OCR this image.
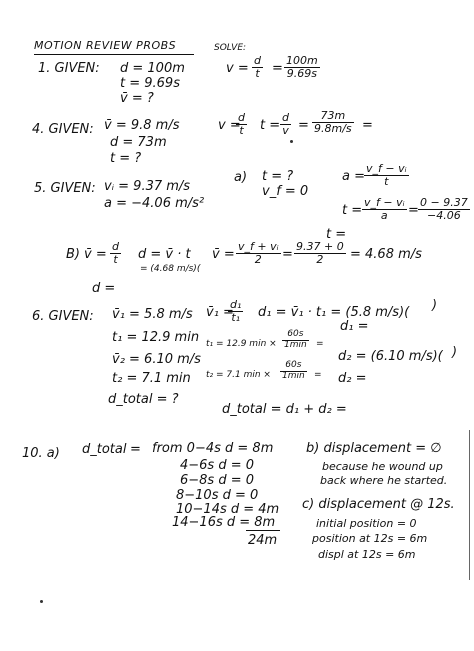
MOTION REVIEW PROBS	SOLVE:
1. GIVEN: d = 100m
t = 9.69s
v̄ = ?
$v = \frac{d}{t} = \frac{100m}{9.69s}$
4. GIVEN: v̄ = 9.8 m/s
d = 73m
t = ?
v =
$\frac{d}{t}$ $t = \frac{d}{v} = \frac{73m}{9.8m/s}$ =
5. GIVEN: vᵢ = 9.37 m/s
a = −4.06 m/s²
a) t = ?
v_f = 0
$a = \frac{\text{v\_f − vᵢ}}{t}$
$t = \frac{\text{v\_f − vᵢ}}{a} = \frac{0 - 9.37}{-4.06}$
t =
B) v̄ = $\frac{d}{t}$ d = v̄ · t
= (4.68 m/s)(
v̄ = $\frac{\text{v\_f + vᵢ}}{2} = \frac{9.37 + 0}{2} = 4.68$ m/s
d =
6. GIVEN: v̄₁ = 5.8 m/s
t₁ = 12.9 min
v̄₂ = 6.10 m/s
t₂ = 7.1 min
d_total = ?
v̄₁ =
$\frac{\text{d₁}}{\text{t₁}} d_1$ = v̄₁ · t₁ = (5.8 m/s)( )
t₁ = 12.9 min ×
60s
1min =
d₁ =
t₂ = 7.1 min ×
60s
1min =
d₂ = (6.10 m/s)( )
d₂ =
d_total = d₁ + d₂ =
10. a) d_total = from 0−4s d = 8m
4−6s d = 0
6−8s d = 0
8−10s d = 0
10−14s d = 4m
14−16s d = 8m
24m
b) displacement = ∅
because he wound up
back where he started.
c) displacement @ 12s.
initial position = 0
position at 12s = 6m
displ at 12s = 6m
